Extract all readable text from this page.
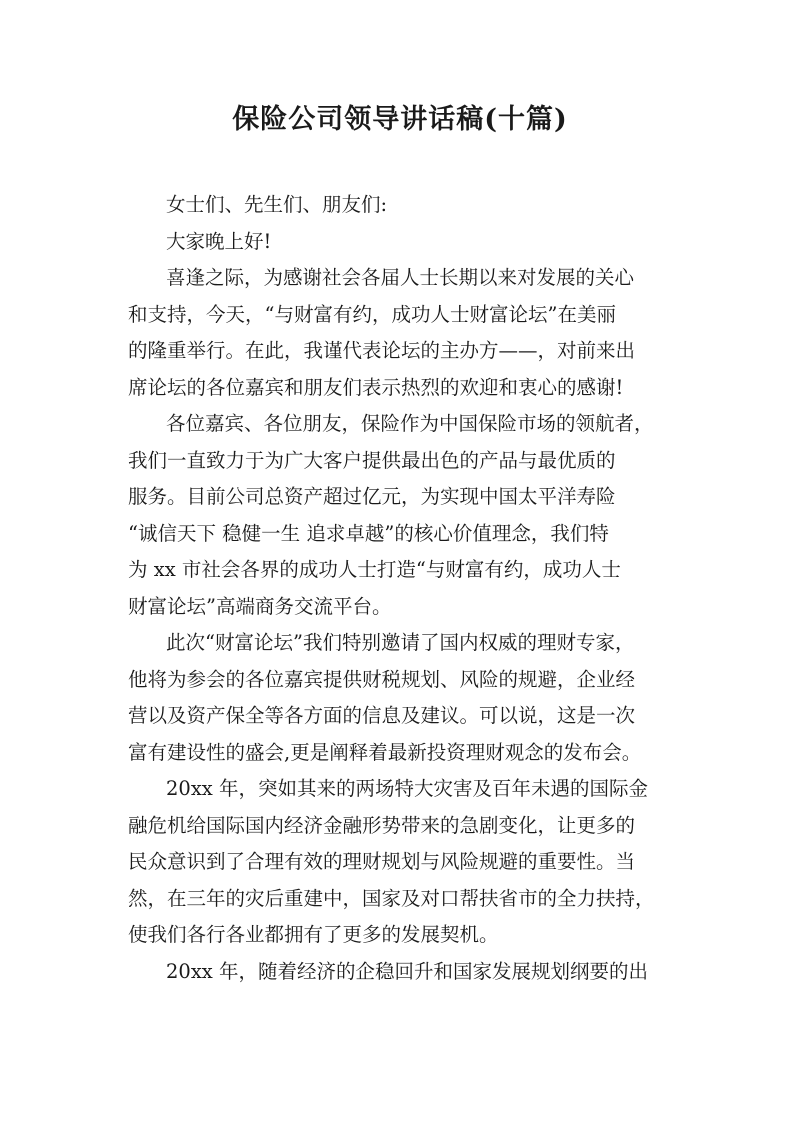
保险公司领导讲话稿(十篇)
女士们、先生们、朋友们:
大家晚上好!
喜逢之际，为感谢社会各届人士长期以来对发展的关心
和支持，今天，“与财富有约，成功人士财富论坛”在美丽
的隆重举行。在此，我谨代表论坛的主办方——，对前来出
席论坛的各位嘉宾和朋友们表示热烈的欢迎和衷心的感谢!
各位嘉宾、各位朋友，保险作为中国保险市场的领航者，
我们一直致力于为广大客户提供最出色的产品与最优质的
服务。目前公司总资产超过亿元，为实现中国太平洋寿险
“诚信天下 稳健一生 追求卓越”的核心价值理念，我们特
为 xx 市社会各界的成功人士打造“与财富有约，成功人士
财富论坛”高端商务交流平台。
此次“财富论坛”我们特别邀请了国内权威的理财专家，
他将为参会的各位嘉宾提供财税规划、风险的规避，企业经
营以及资产保全等各方面的信息及建议。可以说，这是一次
富有建设性的盛会,更是阐释着最新投资理财观念的发布会。
20xx 年，突如其来的两场特大灾害及百年未遇的国际金
融危机给国际国内经济金融形势带来的急剧变化，让更多的
民众意识到了合理有效的理财规划与风险规避的重要性。当
然，在三年的灾后重建中，国家及对口帮扶省市的全力扶持，
使我们各行各业都拥有了更多的发展契机。
20xx 年，随着经济的企稳回升和国家发展规划纲要的出
